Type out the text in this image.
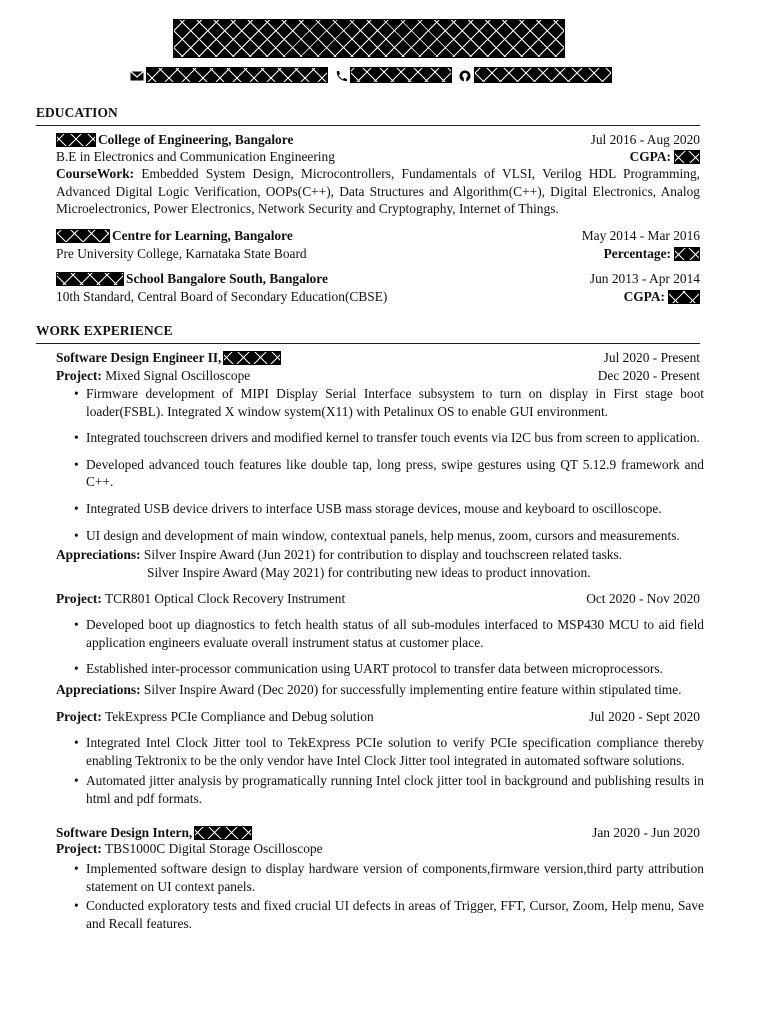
EDUCATION
College of Engineering, Bangalore	Jul 2016 - Aug 2020
B.E in Electronics and Communication Engineering	CGPA:
CourseWork: Embedded System Design, Microcontrollers, Fundamentals of VLSI, Verilog HDL Programming, Advanced Digital Logic Verification, OOPs(C++), Data Structures and Algorithm(C++), Digital Electronics, Analog Microelectronics, Power Electronics, Network Security and Cryptography, Internet of Things.
Centre for Learning, Bangalore	May 2014 - Mar 2016
Pre University College, Karnataka State Board	Percentage:
School Bangalore South, Bangalore	Jun 2013 - Apr 2014
10th Standard, Central Board of Secondary Education(CBSE)	CGPA:
WORK EXPERIENCE
Software Design Engineer II,	Jul 2020 - Present
Project: Mixed Signal Oscilloscope	Dec 2020 - Present
• Firmware development of MIPI Display Serial Interface subsystem to turn on display in First stage boot loader(FSBL). Integrated X window system(X11) with Petalinux OS to enable GUI environment.
• Integrated touchscreen drivers and modified kernel to transfer touch events via I2C bus from screen to application.
• Developed advanced touch features like double tap, long press, swipe gestures using QT 5.12.9 framework and C++.
• Integrated USB device drivers to interface USB mass storage devices, mouse and keyboard to oscilloscope.
• UI design and development of main window, contextual panels, help menus, zoom, cursors and measurements.
Appreciations: Silver Inspire Award (Jun 2021) for contribution to display and touchscreen related tasks.
Silver Inspire Award (May 2021) for contributing new ideas to product innovation.
Project: TCR801 Optical Clock Recovery Instrument	Oct 2020 - Nov 2020
• Developed boot up diagnostics to fetch health status of all sub-modules interfaced to MSP430 MCU to aid field application engineers evaluate overall instrument status at customer place.
• Established inter-processor communication using UART protocol to transfer data between microprocessors.
Appreciations: Silver Inspire Award (Dec 2020) for successfully implementing entire feature within stipulated time.
Project: TekExpress PCIe Compliance and Debug solution	Jul 2020 - Sept 2020
• Integrated Intel Clock Jitter tool to TekExpress PCIe solution to verify PCIe specification compliance thereby enabling Tektronix to be the only vendor have Intel Clock Jitter tool integrated in automated software solutions.
• Automated jitter analysis by programatically running Intel clock jitter tool in background and publishing results in html and pdf formats.
Software Design Intern,	Jan 2020 - Jun 2020
Project: TBS1000C Digital Storage Oscilloscope
• Implemented software design to display hardware version of components,firmware version,third party attribution statement on UI context panels.
• Conducted exploratory tests and fixed crucial UI defects in areas of Trigger, FFT, Cursor, Zoom, Help menu, Save and Recall features.
